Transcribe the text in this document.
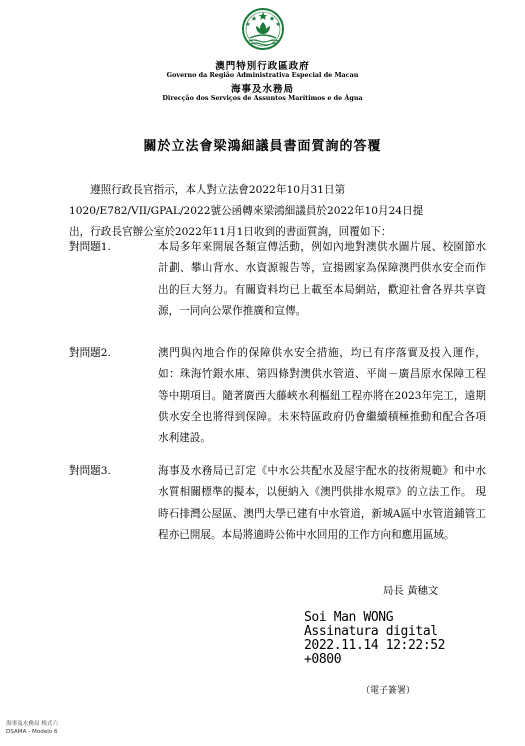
澳門特別行政區政府
Governo da Região Administrativa Especial de Macau
海事及水務局
Direcção dos Serviços de Assuntos Marítimos e de Água
關於立法會梁鴻細議員書面質詢的答覆
遵照行政長官指示，本人對立法會2022年10月31日第
1020/E782/VII/GPAL/2022號公函轉來梁鴻細議員於2022年10月24日提
出，行政長官辦公室於2022年11月1日收到的書面質詢，回覆如下：
對問題1.	本局多年來開展各類宣傳活動，例如內地對澳供水圖片展、校園節水計劃、攀山背水、水資源報告等，宣揚國家為保障澳門供水安全而作出的巨大努力。有關資料均已上載至本局網站，歡迎社會各界共享資源，一同向公眾作推廣和宣傳。
對問題2.	澳門與內地合作的保障供水安全措施，均已有序落實及投入運作，如：珠海竹銀水庫、第四條對澳供水管道、平崗－廣昌原水保障工程等中期項目。隨著廣西大藤峽水利樞紐工程亦將在2023年完工，遠期供水安全也將得到保障。未來特區政府仍會繼續積極推動和配合各項水利建設。
對問題3.	海事及水務局已訂定《中水公共配水及屋宇配水的技術規範》和中水水質相關標準的擬本，以便納入《澳門供排水規章》的立法工作。 現時石排灣公屋區、澳門大學已建有中水管道，新城A區中水管道鋪管工程亦已開展。本局將適時公佈中水回用的工作方向和應用區域。
局長 黃穗文
Soi Man WONG
Assinatura digital
2022.11.14 12:22:52
+0800
（電子簽署）
海事及水務局 格式六
DSAMA - Modelo 6
